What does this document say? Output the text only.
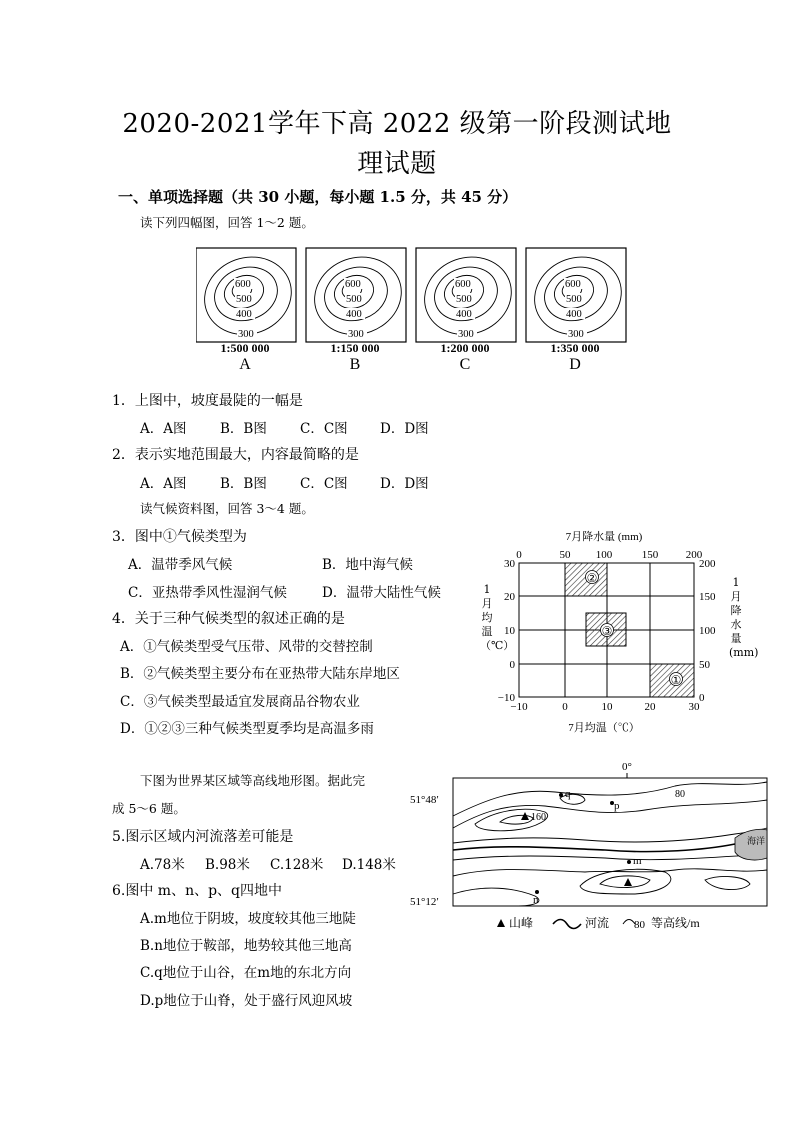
2020-2021学年下高 2022 级第一阶段测试地
理试题
一、单项选择题（共 30 小题，每小题 1.5 分，共 45 分）
读下列四幅图，回答 1～2 题。
600
500
400
300
600
500
400
300
600
500
400
300
600
500
400
300
1:500 000	1:150 000	1:200 000	1:350 000
A	B	C	D
1．上图中，坡度最陡的一幅是
A．A图 B．B图 C．C图 D．D图
2．表示实地范围最大，内容最简略的是
A．A图 B．B图 C．C图 D．D图
读气候资料图，回答 3～4 题。
3．图中①气候类型为
A．温带季风气候	B．地中海气候
C．亚热带季风性湿润气候	D．温带大陆性气候
4．关于三种气候类型的叙述正确的是
A．①气候类型受气压带、风带的交替控制
B．②气候类型主要分布在亚热带大陆东岸地区
C．③气候类型最适宜发展商品谷物农业
D．①②③三种气候类型夏季均是高温多雨
7月降水量 (mm)
0	50 100	150	200
②
③
①
30
20
10
0
−10
200
150
100
50
0
−10	0	10	20	30
7月均温（℃）
1月均温（℃）
1月降水量(mm)
下图为世界某区域等高线地形图。据此完
成 5～6 题。
5.图示区域内河流落差可能是
A.78米 B.98米 C.128米 D.148米
6.图中 m、n、p、q四地中
A.m地位于阴坡，坡度较其他三地陡
B.n地位于鞍部，地势较其他三地高
C.q地位于山谷，在m地的东北方向
D.p地位于山脊，处于盛行风迎风坡
0°
51°48′
51°12′
海洋
80
160
q
p
m
n
山峰	河流 80 等高线/m
